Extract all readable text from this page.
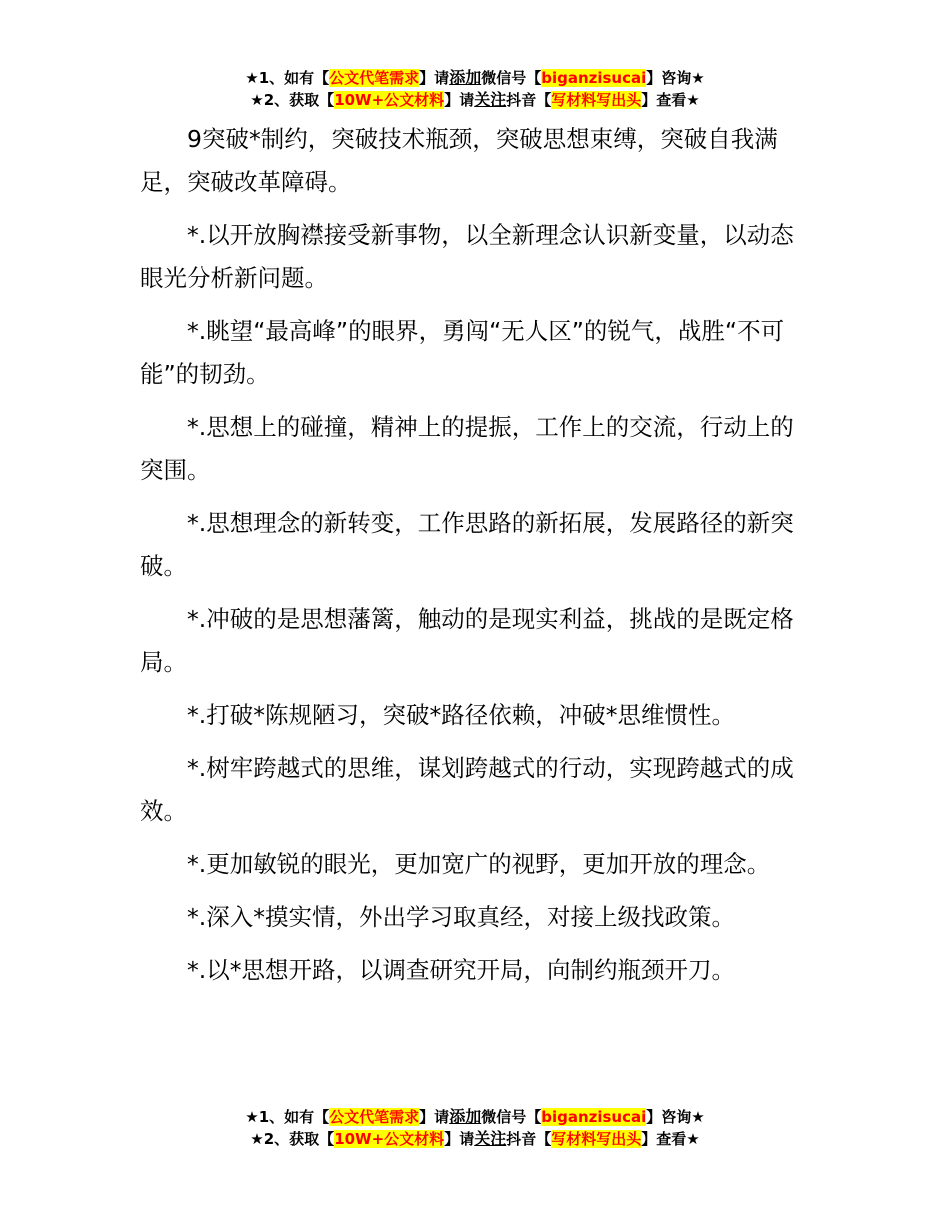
★1、如有【公文代笔需求】请添加微信号【biganzisucai】咨询★
★2、获取【10W+公文材料】请关注抖音【写材料写出头】查看★

9突破*制约，突破技术瓶颈，突破思想束缚，突破自我满足，突破改革障碍。

*.以开放胸襟接受新事物，以全新理念认识新变量，以动态眼光分析新问题。

*.眺望“最高峰”的眼界，勇闯“无人区”的锐气，战胜“不可能”的韧劲。

*.思想上的碰撞，精神上的提振，工作上的交流，行动上的突围。

*.思想理念的新转变，工作思路的新拓展，发展路径的新突破。

*.冲破的是思想藩篱，触动的是现实利益，挑战的是既定格局。

*.打破*陈规陋习，突破*路径依赖，冲破*思维惯性。

*.树牢跨越式的思维，谋划跨越式的行动，实现跨越式的成效。

*.更加敏锐的眼光，更加宽广的视野，更加开放的理念。

*.深入*摸实情，外出学习取真经，对接上级找政策。

*.以*思想开路，以调查研究开局，向制约瓶颈开刀。

★1、如有【公文代笔需求】请添加微信号【biganzisucai】咨询★
★2、获取【10W+公文材料】请关注抖音【写材料写出头】查看★
